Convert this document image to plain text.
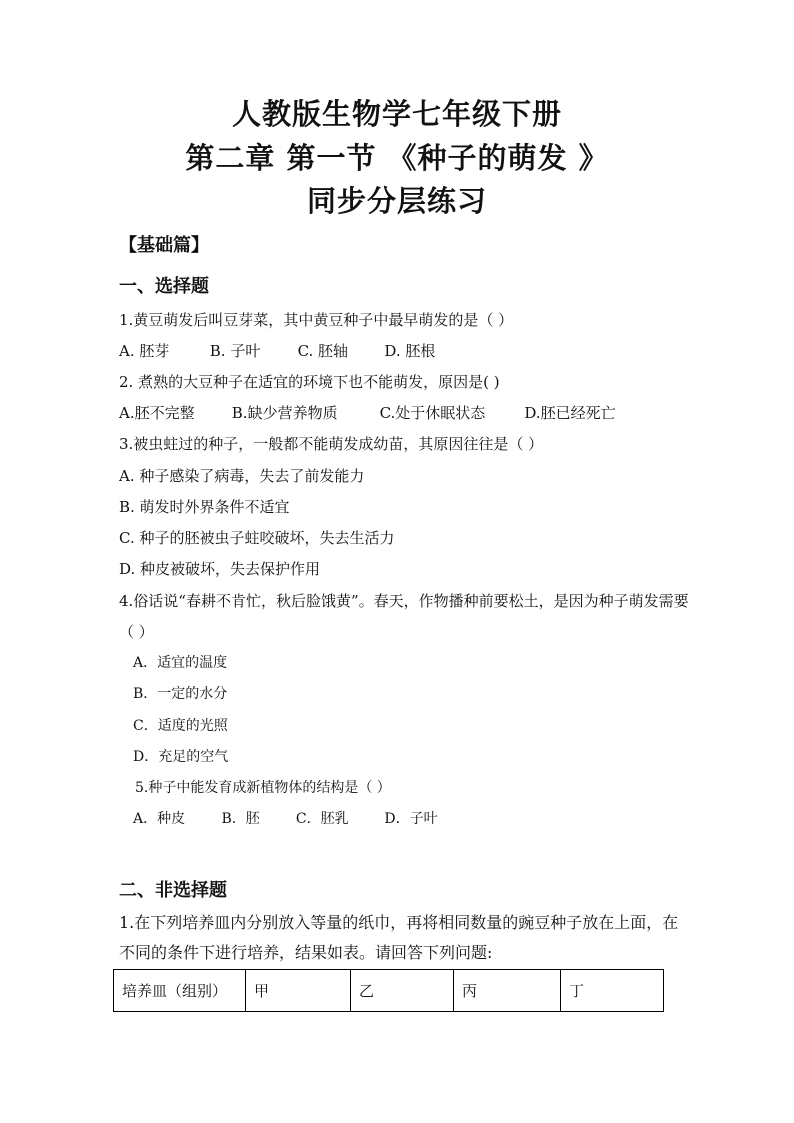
人教版生物学七年级下册
第二章 第一节 《种子的萌发 》
同步分层练习
【基础篇】
一、选择题
1.黄豆萌发后叫豆芽菜，其中黄豆种子中最早萌发的是（ ）
A. 胚芽	B. 子叶 C. 胚轴 D. 胚根
2. 煮熟的大豆种子在适宜的环境下也不能萌发，原因是( )
A.胚不完整 B.缺少营养物质	C.处于休眠状态	D.胚已经死亡
3.被虫蛀过的种子，一般都不能萌发成幼苗，其原因往往是（ ）
A. 种子感染了病毒，失去了前发能力
B. 萌发时外界条件不适宜
C. 种子的胚被虫子蛀咬破坏，失去生活力
D. 种皮被破坏，失去保护作用
4.俗话说“春耕不肯忙，秋后脸饿黄”。春天，作物播种前要松土，是因为种子萌发需要
（ ）
A．适宜的温度
B．一定的水分
C．适度的光照
D．充足的空气
5.种子中能发育成新植物体的结构是（ ）
A．种皮	B．胚	C．胚乳	D．子叶
二、非选择题
1.在下列培养皿内分别放入等量的纸巾，再将相同数量的豌豆种子放在上面，在
不同的条件下进行培养，结果如表。请回答下列问题:
培养皿（组别）	甲	乙	丙	丁
